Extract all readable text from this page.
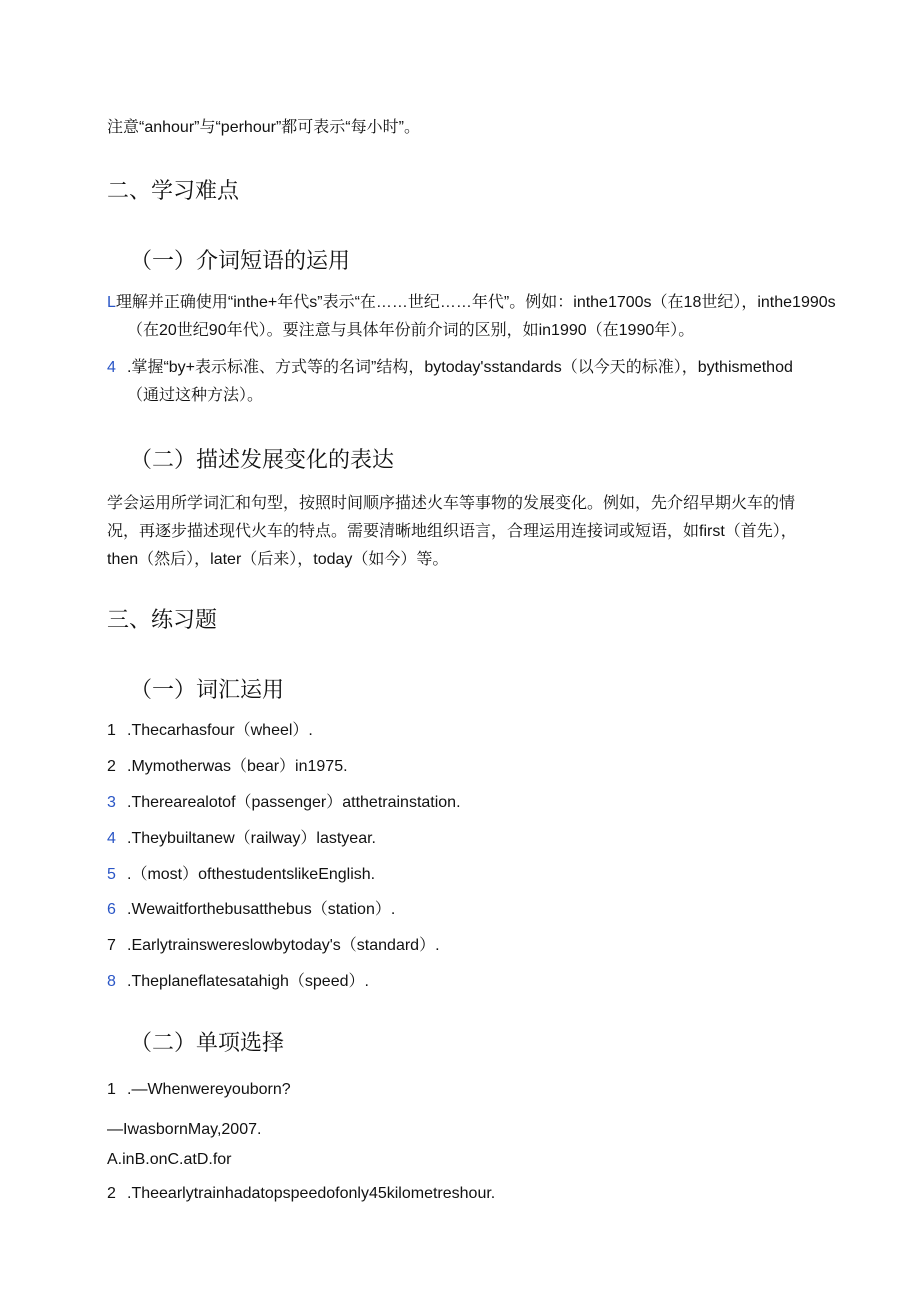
注意“anhour”与“perhour”都可表示“每小时”。
二、学习难点
（一）介词短语的运用
L理解并正确使用“inthe+年代s”表示“在……世纪……年代”。例如：inthe1700s（在18世纪），inthe1990s
（在20世纪90年代）。要注意与具体年份前介词的区别，如in1990（在1990年）。
4 .掌握“by+表示标准、方式等的名词”结构，bytoday'sstandards（以今天的标准），bythismethod
（通过这种方法）。
（二）描述发展变化的表达
学会运用所学词汇和句型，按照时间顺序描述火车等事物的发展变化。例如，先介绍早期火车的情况，再逐步描述现代火车的特点。需要清晰地组织语言，合理运用连接词或短语，如first（首先），then（然后），later（后来），today（如今）等。
三、练习题
（一）词汇运用
1 .Thecarhasfour（wheel）.
2 .Mymotherwas（bear）in1975.
3 .Therearealotof（passenger）atthetrainstation.
4 .Theybuiltanew（railway）lastyear.
5 .（most）ofthestudentslikeEnglish.
6 .Wewaitforthebusatthebus（station）.
7 .Earlytrainswereslowbytoday's（standard）.
8 .Theplaneflatesatahigh（speed）.
（二）单项选择
1 .—Whenwereyouborn?
—IwasbornMay,2007.
A.inB.onC.atD.for
2 .Theearlytrainhadatopspeedofonly45kilometreshour.
